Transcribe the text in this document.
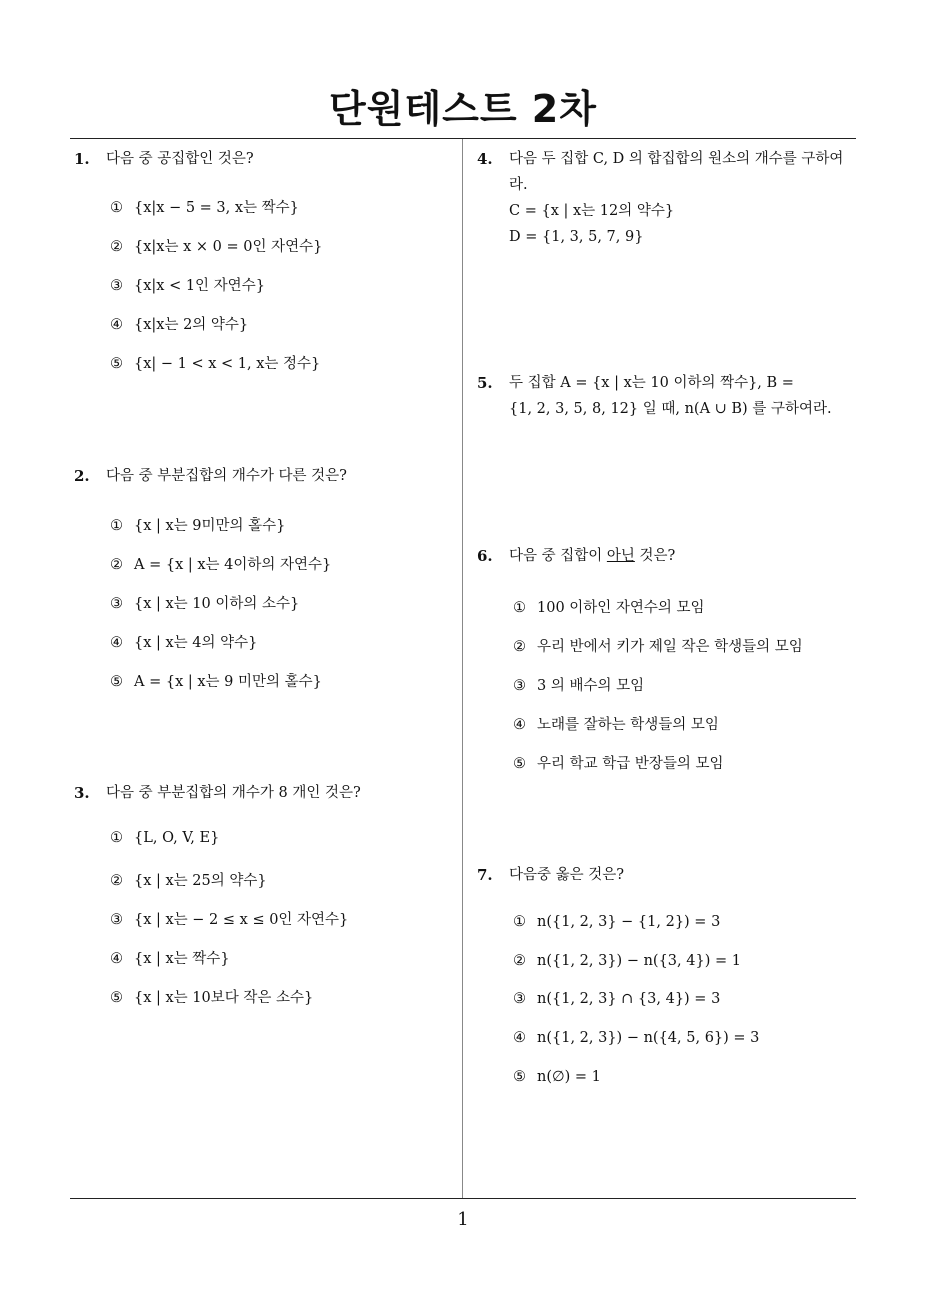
단원테스트 2차
1. 다음 중 공집합인 것은?
① {x|x − 5 = 3, x는 짝수}
② {x|x는 x × 0 = 0인 자연수}
③ {x|x < 1인 자연수}
④ {x|x는 2의 약수}
⑤ {x| − 1 < x < 1, x는 정수}
2. 다음 중 부분집합의 개수가 다른 것은?
① {x | x는 9미만의 홀수}
② A = {x | x는 4이하의 자연수}
③ {x | x는 10 이하의 소수}
④ {x | x는 4의 약수}
⑤ A = {x | x는 9 미만의 홀수}
3. 다음 중 부분집합의 개수가 8 개인 것은?
① {L, O, V, E}
② {x | x는 25의 약수}
③ {x | x는 − 2 ≤ x ≤ 0인 자연수}
④ {x | x는 짝수}
⑤ {x | x는 10보다 작은 소수}
4. 다음 두 집합 C, D 의 합집합의 원소의 개수를 구하여
라.
C = {x | x는 12의 약수}
D = {1, 3, 5, 7, 9}
5. 두 집합 A = {x | x는 10 이하의 짝수}, B =
{1, 2, 3, 5, 8, 12} 일 때, n(A ∪ B) 를 구하여라.
6. 다음 중 집합이 아닌 것은?
① 100 이하인 자연수의 모임
② 우리 반에서 키가 제일 작은 학생들의 모임
③ 3 의 배수의 모임
④ 노래를 잘하는 학생들의 모임
⑤ 우리 학교 학급 반장들의 모임
7. 다음중 옳은 것은?
① n({1, 2, 3} − {1, 2}) = 3
② n({1, 2, 3}) − n({3, 4}) = 1
③ n({1, 2, 3} ∩ {3, 4}) = 3
④ n({1, 2, 3}) − n({4, 5, 6}) = 3
⑤ n(∅) = 1
1
